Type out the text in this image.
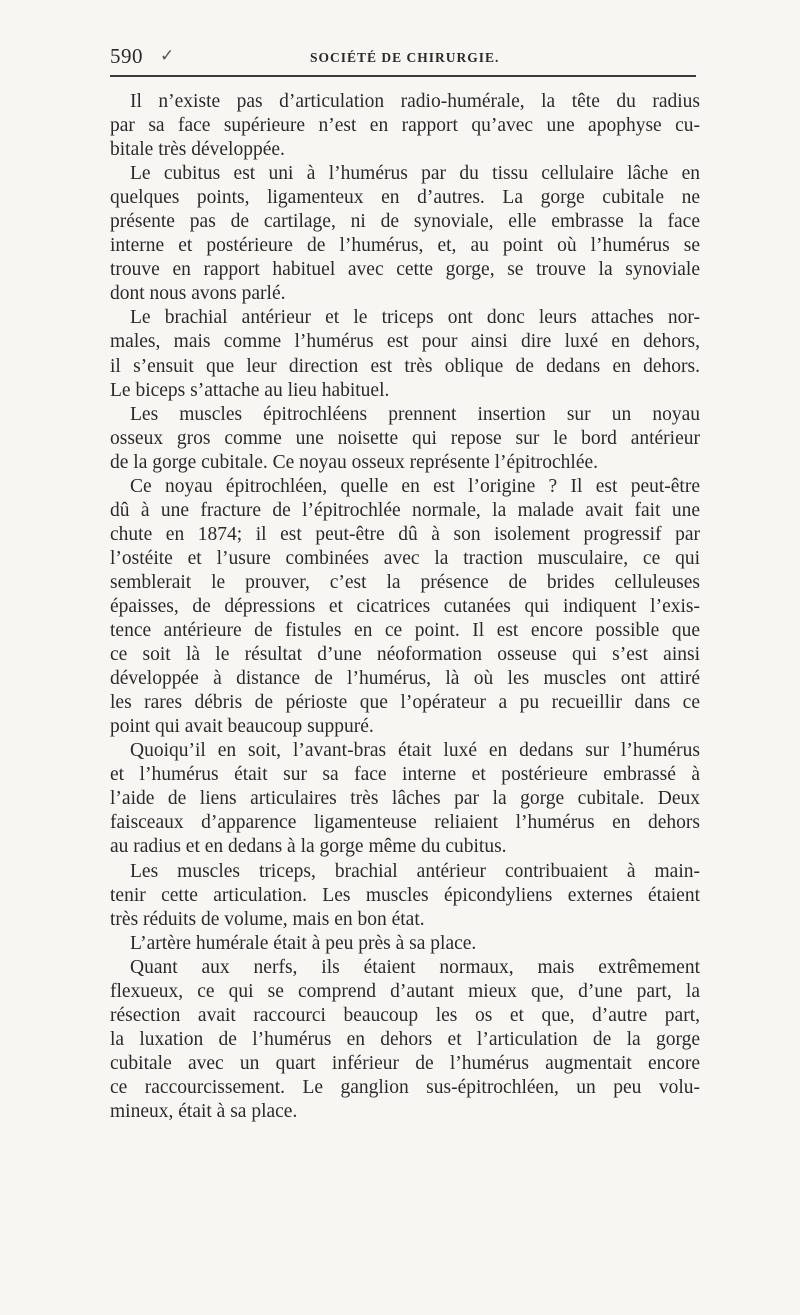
590 ✓	SOCIÉTÉ DE CHIRURGIE.
Il n’existe pas d’articulation radio-humérale, la tête du radius
par sa face supérieure n’est en rapport qu’avec une apophyse cu-
bitale très développée.
Le cubitus est uni à l’humérus par du tissu cellulaire lâche en
quelques points, ligamenteux en d’autres. La gorge cubitale ne
présente pas de cartilage, ni de synoviale, elle embrasse la face
interne et postérieure de l’humérus, et, au point où l’humérus se
trouve en rapport habituel avec cette gorge, se trouve la synoviale
dont nous avons parlé.
Le brachial antérieur et le triceps ont donc leurs attaches nor-
males, mais comme l’humérus est pour ainsi dire luxé en dehors,
il s’ensuit que leur direction est très oblique de dedans en dehors.
Le biceps s’attache au lieu habituel.
Les muscles épitrochléens prennent insertion sur un noyau
osseux gros comme une noisette qui repose sur le bord antérieur
de la gorge cubitale. Ce noyau osseux représente l’épitrochlée.
Ce noyau épitrochléen, quelle en est l’origine ? Il est peut-être
dû à une fracture de l’épitrochlée normale, la malade avait fait une
chute en 1874; il est peut-être dû à son isolement progressif par
l’ostéite et l’usure combinées avec la traction musculaire, ce qui
semblerait le prouver, c’est la présence de brides celluleuses
épaisses, de dépressions et cicatrices cutanées qui indiquent l’exis-
tence antérieure de fistules en ce point. Il est encore possible que
ce soit là le résultat d’une néoformation osseuse qui s’est ainsi
développée à distance de l’humérus, là où les muscles ont attiré
les rares débris de périoste que l’opérateur a pu recueillir dans ce
point qui avait beaucoup suppuré.
Quoiqu’il en soit, l’avant-bras était luxé en dedans sur l’humérus
et l’humérus était sur sa face interne et postérieure embrassé à
l’aide de liens articulaires très lâches par la gorge cubitale. Deux
faisceaux d’apparence ligamenteuse reliaient l’humérus en dehors
au radius et en dedans à la gorge même du cubitus.
Les muscles triceps, brachial antérieur contribuaient à main-
tenir cette articulation. Les muscles épicondyliens externes étaient
très réduits de volume, mais en bon état.
L’artère humérale était à peu près à sa place.
Quant aux nerfs, ils étaient normaux, mais extrêmement
flexueux, ce qui se comprend d’autant mieux que, d’une part, la
résection avait raccourci beaucoup les os et que, d’autre part,
la luxation de l’humérus en dehors et l’articulation de la gorge
cubitale avec un quart inférieur de l’humérus augmentait encore
ce raccourcissement. Le ganglion sus-épitrochléen, un peu volu-
mineux, était à sa place.
